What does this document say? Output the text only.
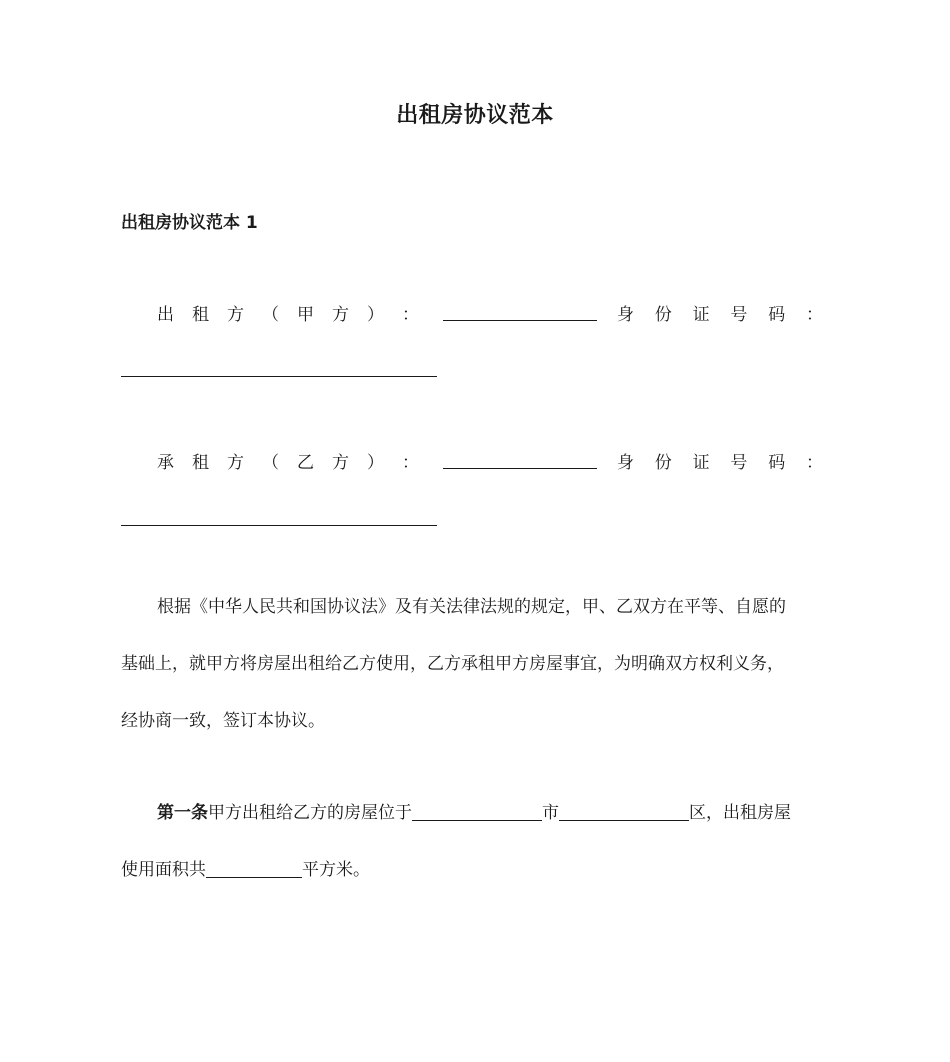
出租房协议范本
出租房协议范本 1
出 租 方 （ 甲 方 ） ：	身 份 证 号 码 ：
承 租 方 （ 乙 方 ） ：	身 份 证 号 码 ：
根据《中华人民共和国协议法》及有关法律法规的规定，甲、乙双方在平等、自愿的
基础上，就甲方将房屋出租给乙方使用，乙方承租甲方房屋事宜，为明确双方权利义务，
经协商一致，签订本协议。
第一条甲方出租给乙方的房屋位于	市	区，出租房屋
使用面积共	平方米。
